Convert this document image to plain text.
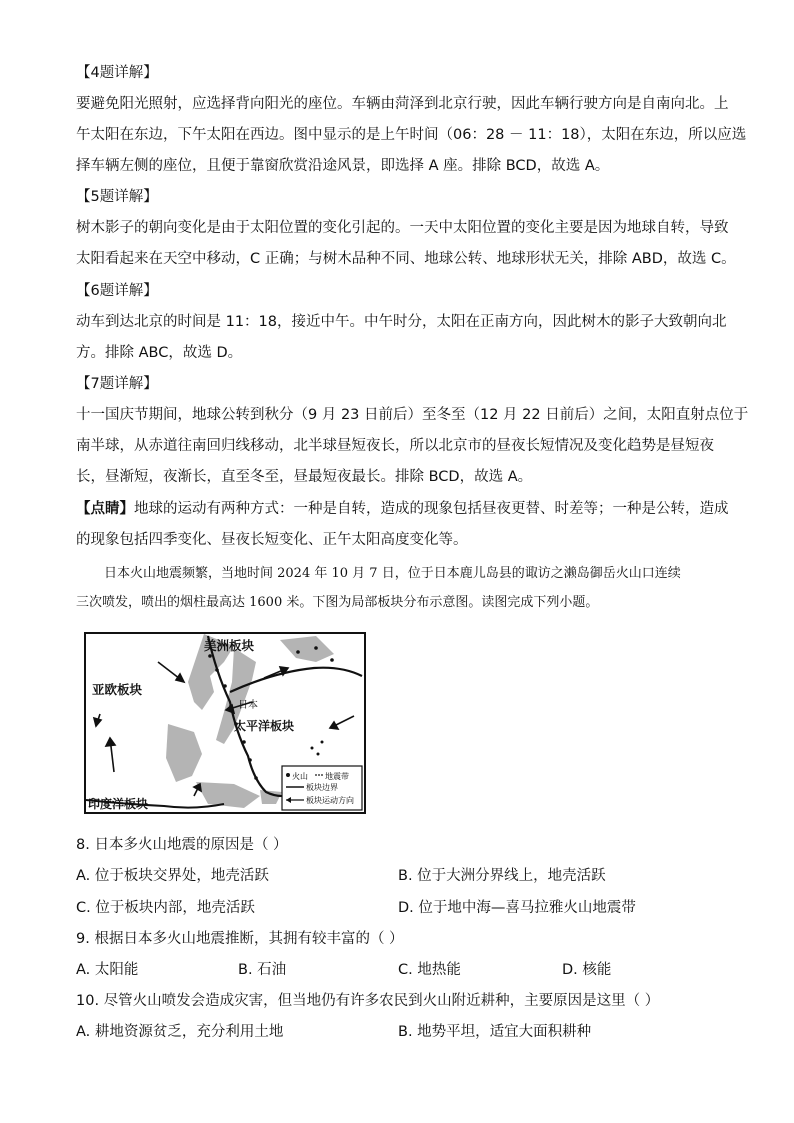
【4题详解】
要避免阳光照射，应选择背向阳光的座位。车辆由菏泽到北京行驶，因此车辆行驶方向是自南向北。上
午太阳在东边，下午太阳在西边。图中显示的是上午时间（06：28 － 11：18），太阳在东边，所以应选
择车辆左侧的座位，且便于靠窗欣赏沿途风景，即选择 A 座。排除 BCD，故选 A。
【5题详解】
树木影子的朝向变化是由于太阳位置的变化引起的。一天中太阳位置的变化主要是因为地球自转，导致
太阳看起来在天空中移动，C 正确；与树木品种不同、地球公转、地球形状无关，排除 ABD，故选 C。
【6题详解】
动车到达北京的时间是 11：18，接近中午。中午时分，太阳在正南方向，因此树木的影子大致朝向北
方。排除 ABC，故选 D。
【7题详解】
十一国庆节期间，地球公转到秋分（9 月 23 日前后）至冬至（12 月 22 日前后）之间，太阳直射点位于
南半球，从赤道往南回归线移动，北半球昼短夜长，所以北京市的昼夜长短情况及变化趋势是昼短夜
长，昼渐短，夜渐长，直至冬至，昼最短夜最长。排除 BCD，故选 A。
【点睛】地球的运动有两种方式：一种是自转，造成的现象包括昼夜更替、时差等；一种是公转，造成
的现象包括四季变化、昼夜长短变化、正午太阳高度变化等。
日本火山地震频繁，当地时间 2024 年 10 月 7 日，位于日本鹿儿岛县的诹访之濑岛御岳火山口连续
三次喷发，喷出的烟柱最高达 1600 米。下图为局部板块分布示意图。读图完成下列小题。
美洲板块
亚欧板块
日本
太平洋板块
印度洋板块
火山 地震带
板块边界
板块运动方向
8. 日本多火山地震的原因是（ ）
A. 位于板块交界处，地壳活跃	B. 位于大洲分界线上，地壳活跃
C. 位于板块内部，地壳活跃	D. 位于地中海—喜马拉雅火山地震带
9. 根据日本多火山地震推断，其拥有较丰富的（ ）
A. 太阳能	B. 石油	C. 地热能	D. 核能
10. 尽管火山喷发会造成灾害，但当地仍有许多农民到火山附近耕种，主要原因是这里（ ）
A. 耕地资源贫乏，充分利用土地	B. 地势平坦，适宜大面积耕种
